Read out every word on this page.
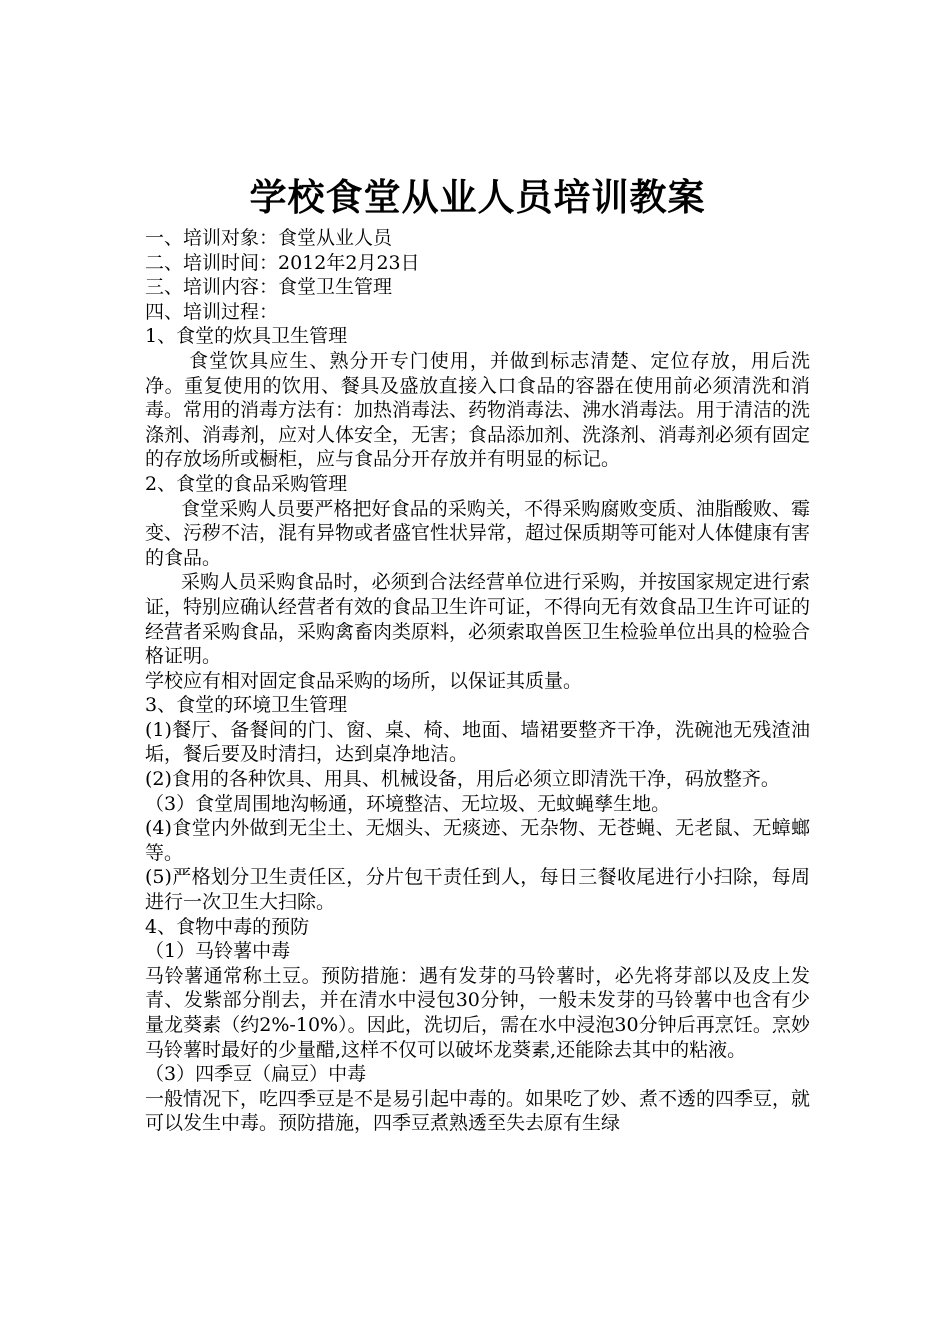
学校食堂从业人员培训教案

一、培训对象：食堂从业人员

二、培训时间：2012年2月23日

三、培训内容：食堂卫生管理

四、培训过程：

1、食堂的炊具卫生管理

食堂饮具应生、熟分开专门使用，并做到标志清楚、定位存放，用后洗净。重复使用的饮用、餐具及盛放直接入口食品的容器在使用前必须清洗和消毒。常用的消毒方法有：加热消毒法、药物消毒法、沸水消毒法。用于清洁的洗涤剂、消毒剂，应对人体安全，无害；食品添加剂、洗涤剂、消毒剂必须有固定的存放场所或橱柜，应与食品分开存放并有明显的标记。

2、食堂的食品采购管理

食堂采购人员要严格把好食品的采购关，不得采购腐败变质、油脂酸败、霉变、污秽不洁，混有异物或者盛官性状异常，超过保质期等可能对人体健康有害的食品。

采购人员采购食品时，必须到合法经营单位进行采购，并按国家规定进行索证，特别应确认经营者有效的食品卫生许可证，不得向无有效食品卫生许可证的经营者采购食品，采购禽畜肉类原料，必须索取兽医卫生检验单位出具的检验合格证明。

学校应有相对固定食品采购的场所，以保证其质量。

3、食堂的环境卫生管理

(1)餐厅、备餐间的门、窗、桌、椅、地面、墙裙要整齐干净，洗碗池无残渣油垢，餐后要及时清扫，达到桌净地洁。

(2)食用的各种饮具、用具、机械设备，用后必须立即清洗干净，码放整齐。

（3）食堂周围地沟畅通，环境整洁、无垃圾、无蚊蝇孳生地。

(4)食堂内外做到无尘土、无烟头、无痰迹、无杂物、无苍蝇、无老鼠、无蟑螂等。

(5)严格划分卫生责任区，分片包干责任到人，每日三餐收尾进行小扫除，每周进行一次卫生大扫除。

4、食物中毒的预防

（1）马铃薯中毒

马铃薯通常称土豆。预防措施：遇有发芽的马铃薯时，必先将芽部以及皮上发青、发紫部分削去，并在清水中浸包30分钟，一般未发芽的马铃薯中也含有少量龙葵素（约2%-10%）。因此，洗切后，需在水中浸泡30分钟后再烹饪。烹妙马铃薯时最好的少量醋,这样不仅可以破坏龙葵素,还能除去其中的粘液。

（3）四季豆（扁豆）中毒

一般情况下，吃四季豆是不是易引起中毒的。如果吃了妙、煮不透的四季豆，就可以发生中毒。预防措施，四季豆煮熟透至失去原有生绿
